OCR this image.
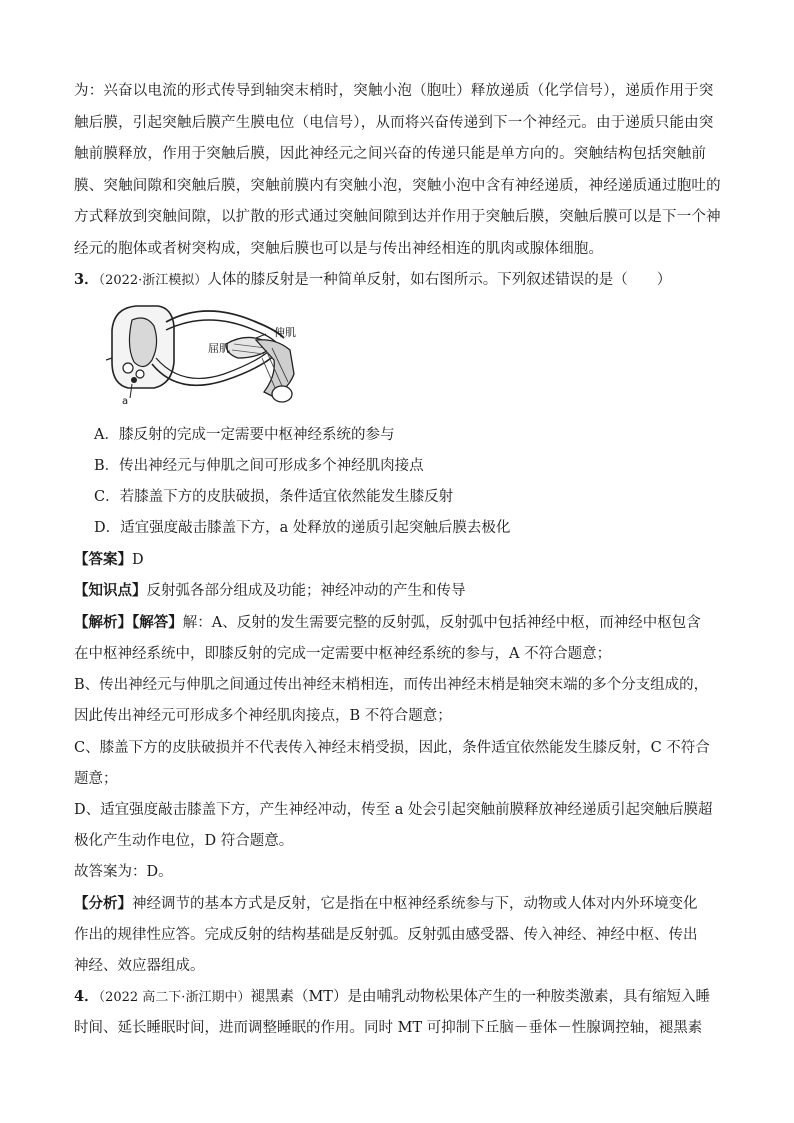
为：兴奋以电流的形式传导到轴突末梢时，突触小泡（胞吐）释放递质（化学信号），递质作用于突触后膜，引起突触后膜产生膜电位（电信号），从而将兴奋传递到下一个神经元。由于递质只能由突触前膜释放，作用于突触后膜，因此神经元之间兴奋的传递只能是单方向的。突触结构包括突触前膜、突触间隙和突触后膜，突触前膜内有突触小泡，突触小泡中含有神经递质，神经递质通过胞吐的方式释放到突触间隙，以扩散的形式通过突触间隙到达并作用于突触后膜，突触后膜可以是下一个神经元的胞体或者树突构成，突触后膜也可以是与传出神经相连的肌肉或腺体细胞。
3．（2022·浙江模拟）人体的膝反射是一种简单反射，如右图所示。下列叙述错误的是（　　）
伸肌
屈肌
a
A．膝反射的完成一定需要中枢神经系统的参与
B．传出神经元与伸肌之间可形成多个神经肌肉接点
C．若膝盖下方的皮肤破损，条件适宜依然能发生膝反射
D．适宜强度敲击膝盖下方，a 处释放的递质引起突触后膜去极化
【答案】D
【知识点】反射弧各部分组成及功能；神经冲动的产生和传导
【解析】【解答】解：A、反射的发生需要完整的反射弧，反射弧中包括神经中枢，而神经中枢包含
在中枢神经系统中，即膝反射的完成一定需要中枢神经系统的参与，A 不符合题意；
B、传出神经元与伸肌之间通过传出神经末梢相连，而传出神经末梢是轴突末端的多个分支组成的，
因此传出神经元可形成多个神经肌肉接点，B 不符合题意；
C、膝盖下方的皮肤破损并不代表传入神经末梢受损，因此，条件适宜依然能发生膝反射，C 不符合
题意；
D、适宜强度敲击膝盖下方，产生神经冲动，传至 a 处会引起突触前膜释放神经递质引起突触后膜超
极化产生动作电位，D 符合题意。
故答案为：D。
【分析】神经调节的基本方式是反射，它是指在中枢神经系统参与下，动物或人体对内外环境变化
作出的规律性应答。完成反射的结构基础是反射弧。反射弧由感受器、传入神经、神经中枢、传出
神经、效应器组成。
4．（2022 高二下·浙江期中）褪黑素（MT）是由哺乳动物松果体产生的一种胺类激素，具有缩短入睡
时间、延长睡眠时间，进而调整睡眠的作用。同时 MT 可抑制下丘脑－垂体－性腺调控轴，褪黑素
